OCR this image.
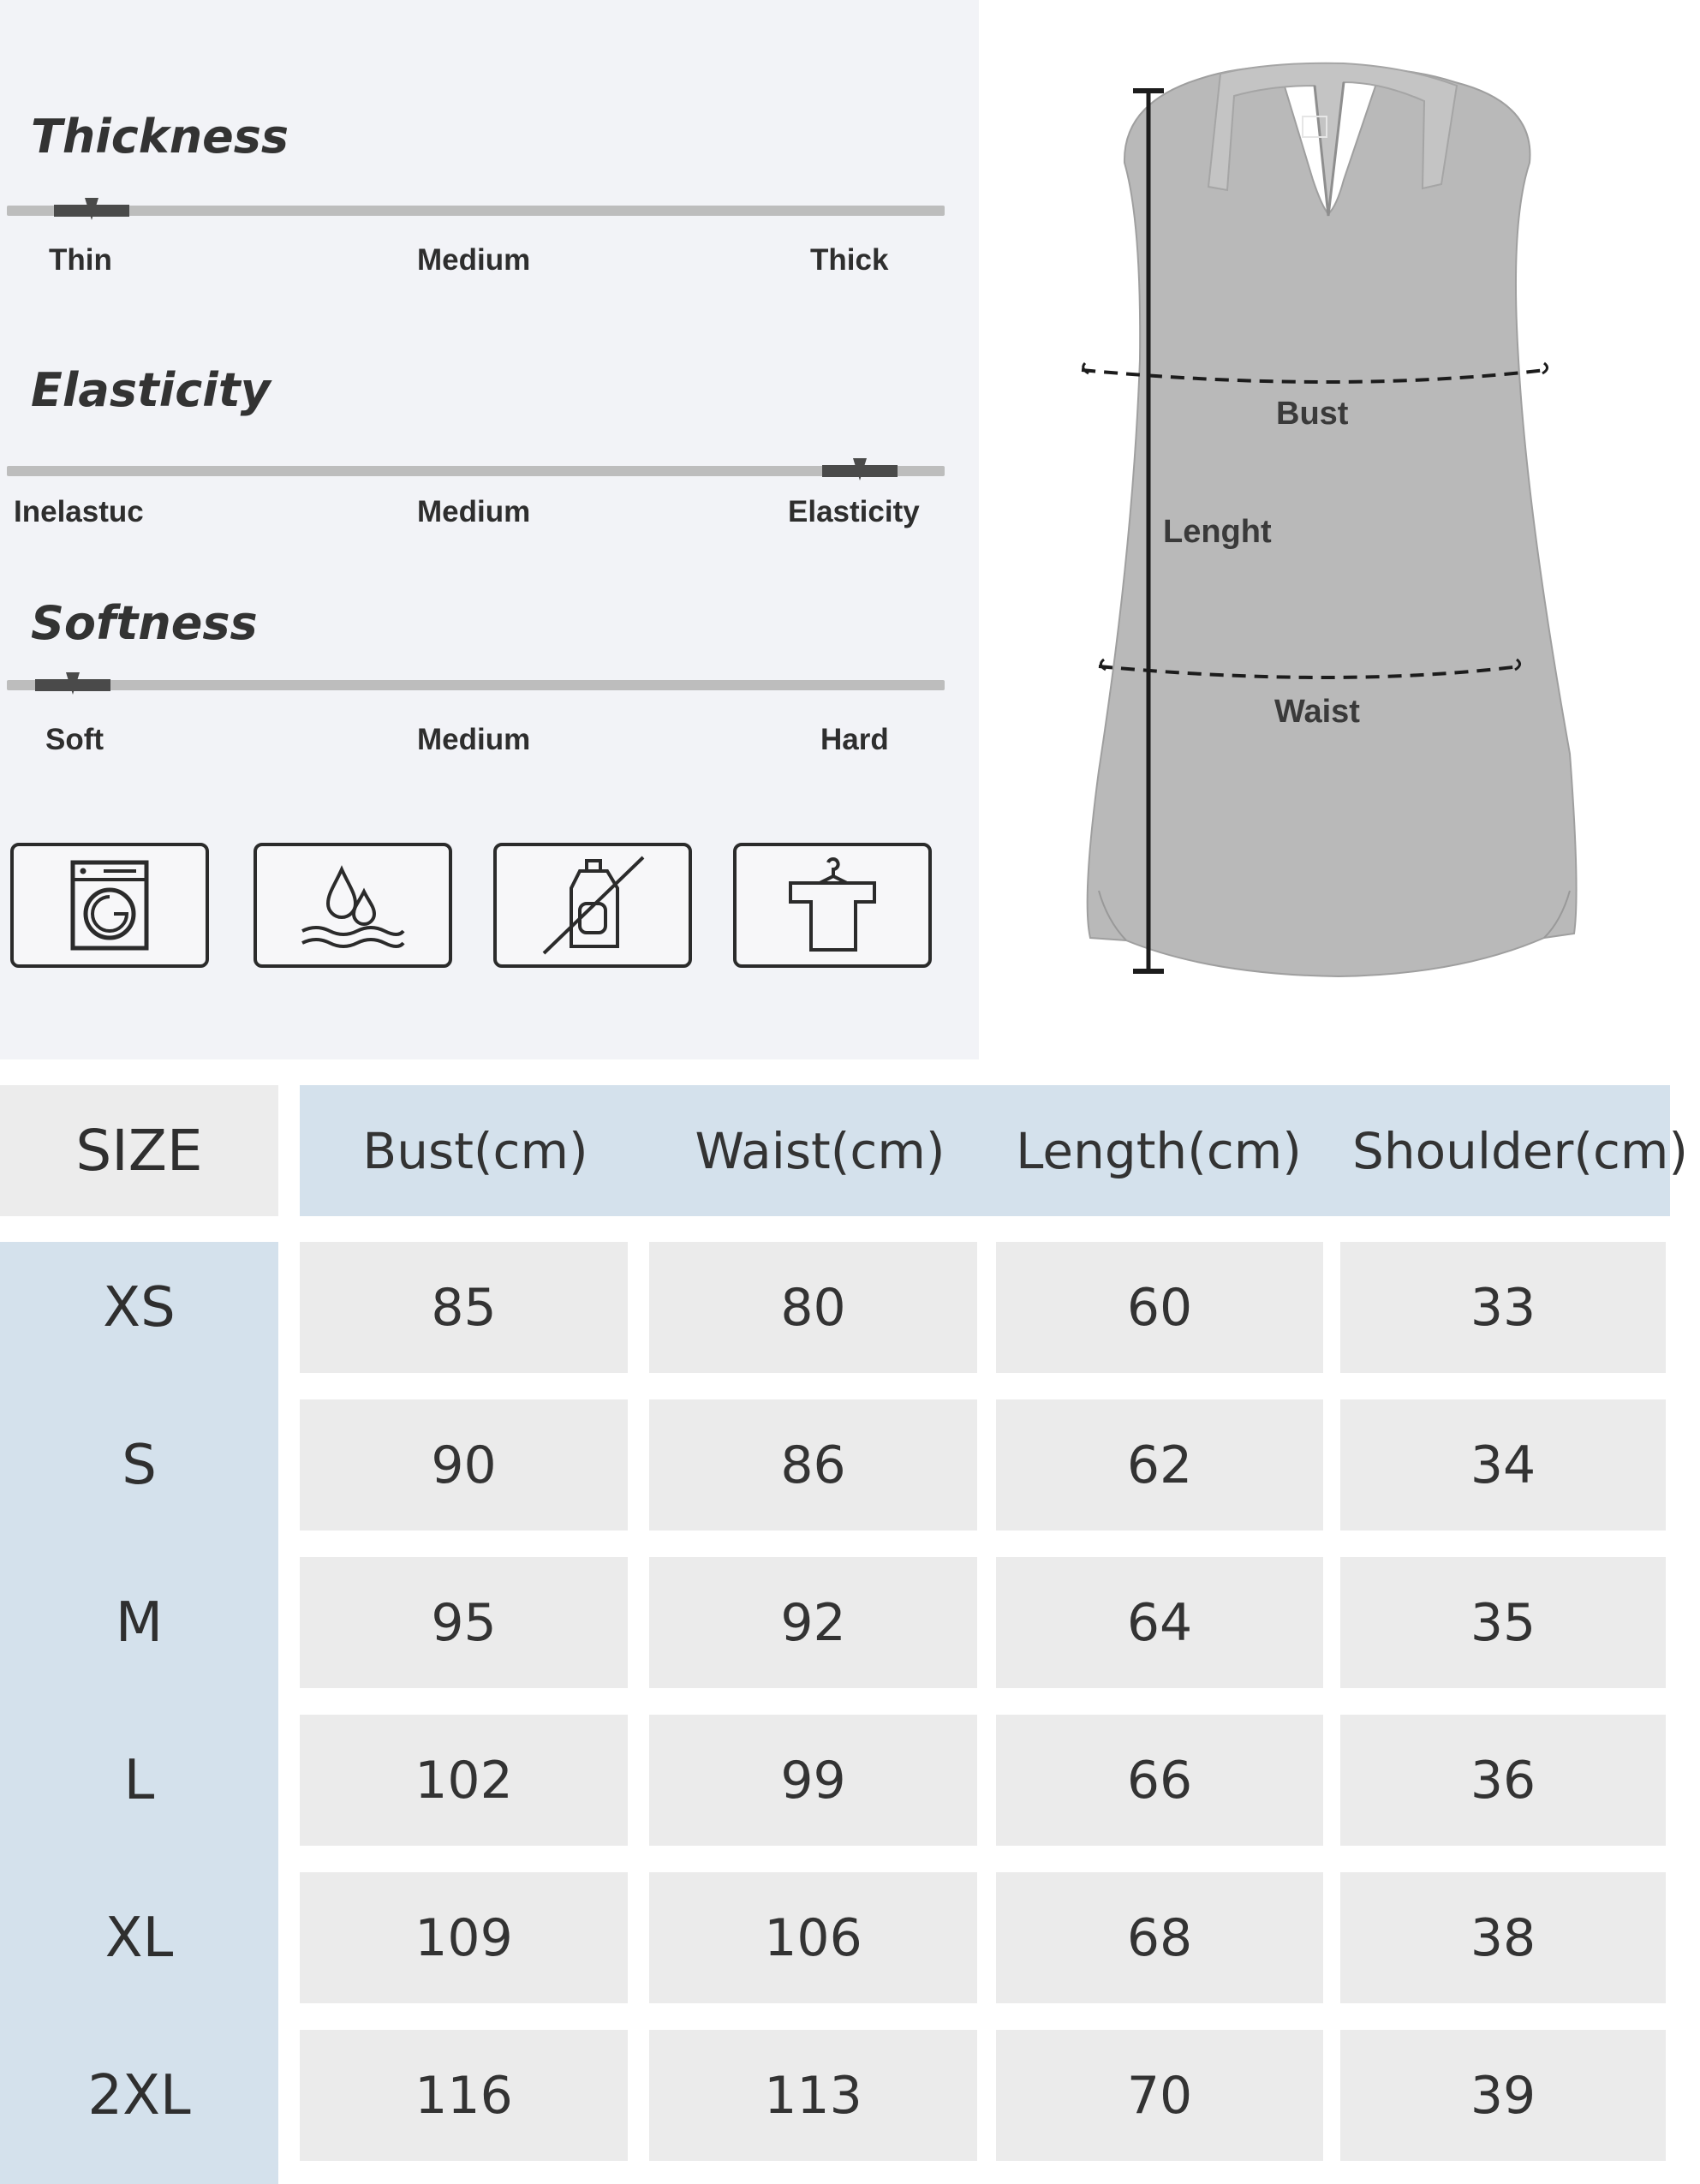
Thickness
Thin	Medium	Thick
Elasticity
Inelastuc	Medium	Elasticity
Softness
Soft	Medium	Hard
Bust
Lenght
Waist
SIZE	Bust(cm)	Waist(cm)	Length(cm)	Shoulder(cm)
XS	85	80	60	33
S	90	86	62	34
M	95	92	64	35
L	102	99	66	36
XL	109	106	68	38
2XL	116	113	70	39
